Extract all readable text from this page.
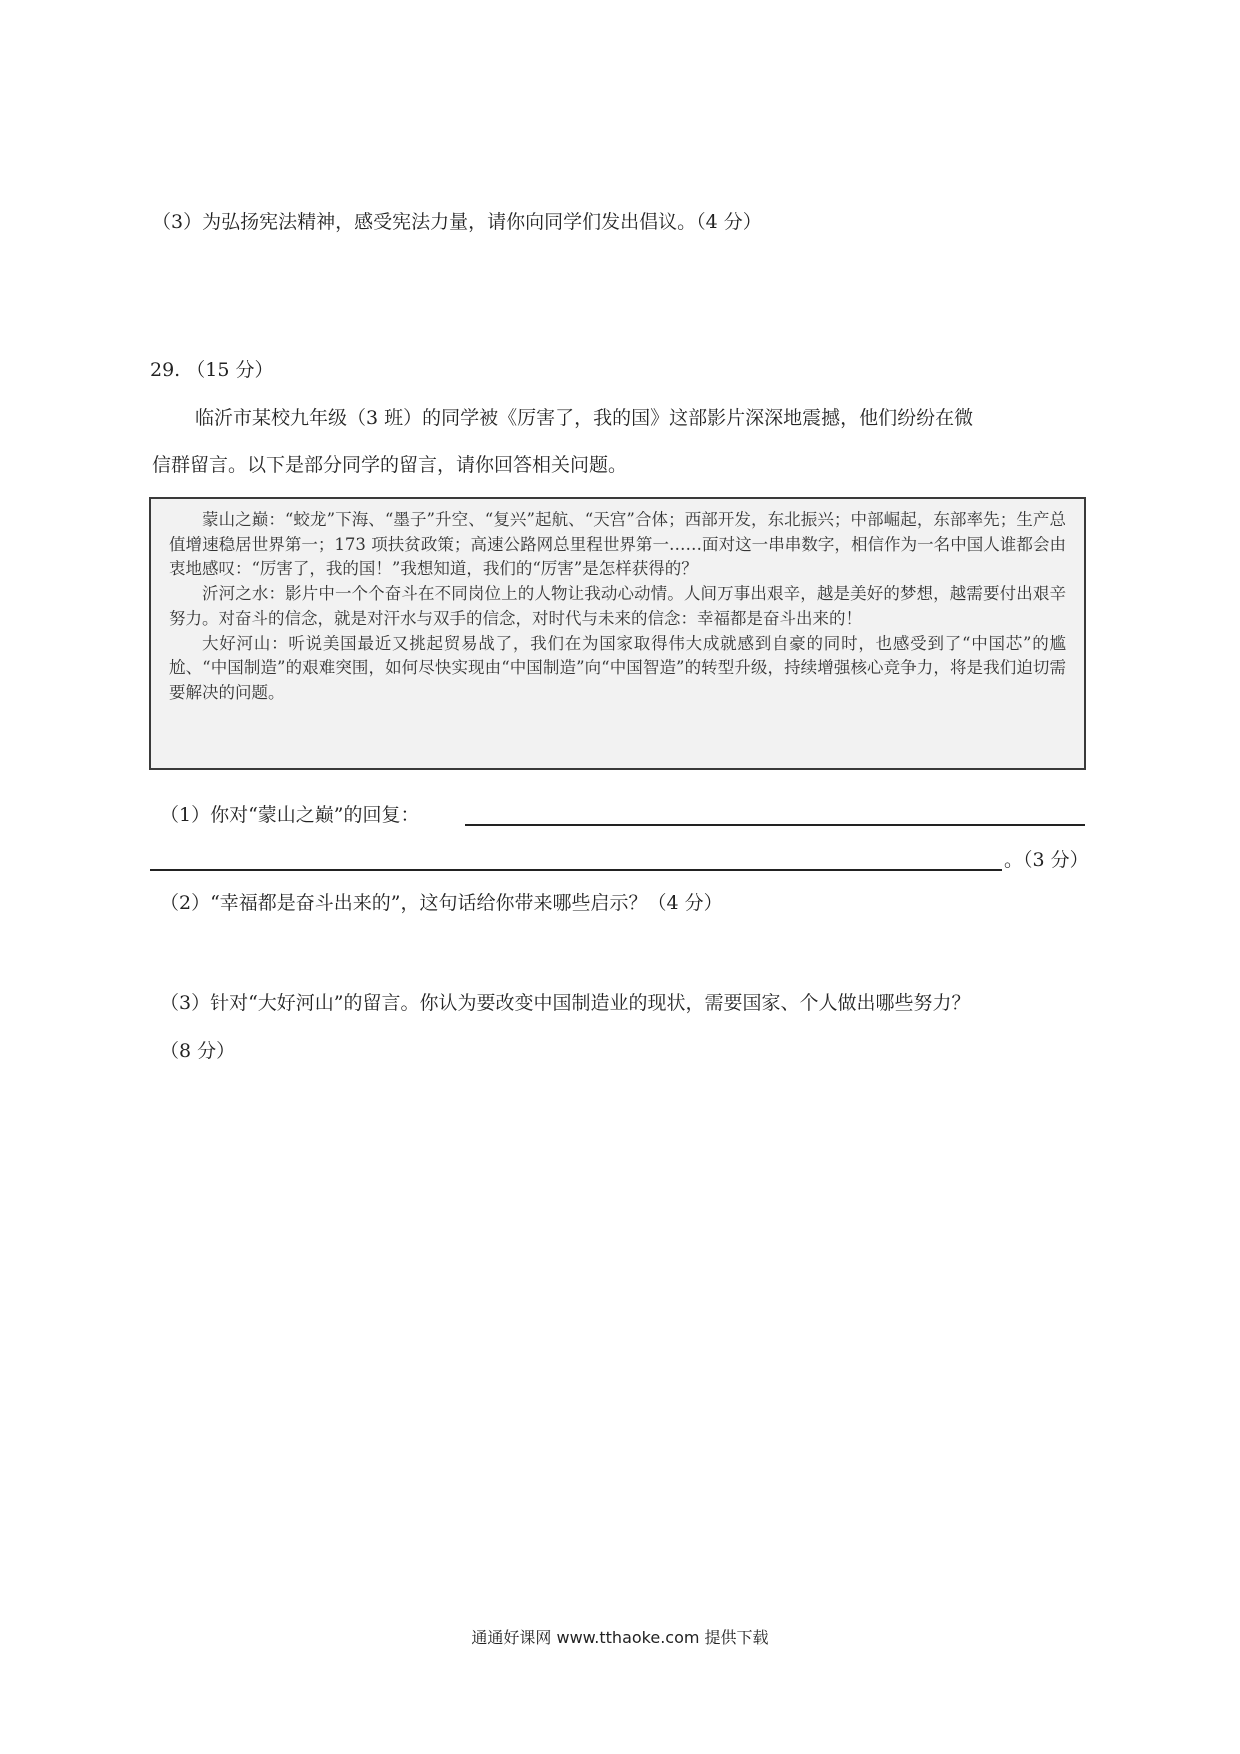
（3）为弘扬宪法精神，感受宪法力量，请你向同学们发出倡议。（4 分）
29. （15 分）
临沂市某校九年级（3 班）的同学被《厉害了，我的国》这部影片深深地震撼，他们纷纷在微
信群留言。以下是部分同学的留言，请你回答相关问题。

蒙山之巅：“蛟龙”下海、“墨子”升空、“复兴”起航、“天宫”合体；西部开发，东北振兴；中部崛起，东部率先；生产总值增速稳居世界第一；173 项扶贫政策；高速公路网总里程世界第一……面对这一串串数字，相信作为一名中国人谁都会由衷地感叹：“厉害了，我的国！”我想知道，我们的“厉害”是怎样获得的？

沂河之水：影片中一个个奋斗在不同岗位上的人物让我动心动情。人间万事出艰辛，越是美好的梦想，越需要付出艰辛努力。对奋斗的信念，就是对汗水与双手的信念，对时代与未来的信念：幸福都是奋斗出来的！

大好河山：听说美国最近又挑起贸易战了，我们在为国家取得伟大成就感到自豪的同时，也感受到了“中国芯”的尴尬、“中国制造”的艰难突围，如何尽快实现由“中国制造”向“中国智造”的转型升级，持续增强核心竞争力，将是我们迫切需要解决的问题。

（1）你对“蒙山之巅”的回复：
。（3 分）
（2）“幸福都是奋斗出来的”，这句话给你带来哪些启示？（4 分）
（3）针对“大好河山”的留言。你认为要改变中国制造业的现状，需要国家、个人做出哪些努力？
（8 分）
通通好课网 www.tthaoke.com 提供下载
